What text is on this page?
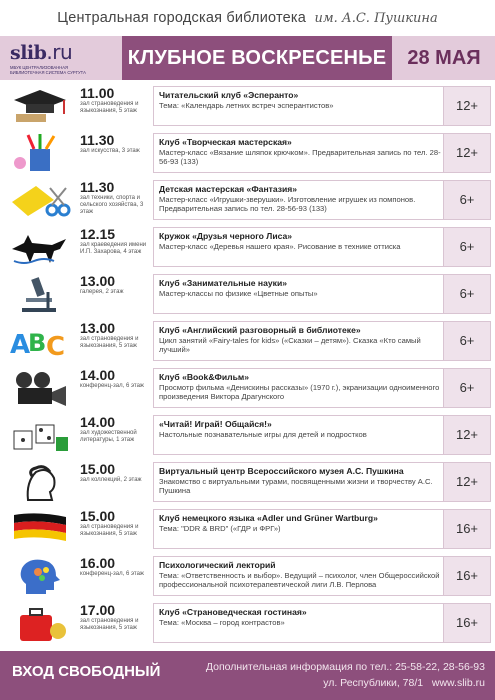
Центральная городская библиотека им. А.С. Пушкина
slib.ru
МБУК ЦЕНТРАЛИЗОВАННАЯ БИБЛИОТЕЧНАЯ СИСТЕМА СУРГУТА
КЛУБНОЕ ВОСКРЕСЕНЬЕ	28 МАЯ
11.00
зал страноведения и языкознания, 5 этаж
Читательский клуб «Эсперанто»
Тема: «Календарь летних встреч эсперантистов»	12+
11.30
зал искусства, 3 этаж
Клуб «Творческая мастерская»
Мастер-класс «Вязание шляпок крючком». Предварительная запись по тел. 28-56-93 (133)
12+
11.30
зал техники, спорта и сельского хозяйства, 3 этаж
Детская мастерская «Фантазия»
Мастер-класс «Игрушки-зверушки». Изготовление игрушек из помпонов. Предварительная запись по тел. 28-56-93 (133)
6+
12.15
зал краеведения имени И.П. Захарова, 4 этаж
Кружок «Друзья черного Лиса»
Мастер-класс «Деревья нашего края». Рисование в технике оттиска	6+
13.00
галерея, 2 этаж
Клуб «Занимательные науки»
Мастер-классы по физике «Цветные опыты»	6+
A
B C
13.00
зал страноведения и языкознания, 5 этаж
Клуб «Английский разговорный в библиотеке»
Цикл занятий «Fairy-tales for kids» («Сказки – детям»). Сказка «Кто самый лучший»
6+
14.00
конференц-зал, 6 этаж
Клуб «Book&Фильм»
Просмотр фильма «Денискины рассказы» (1970 г.), экранизации одноименного произведения Виктора Драгунского
6+
14.00
зал художественной литературы, 1 этаж
«Читай! Играй! Общайся!»
Настольные познавательные игры для детей и подростков	12+
15.00
зал коллекций, 2 этаж
Виртуальный центр Всероссийского музея А.С. Пушкина
Знакомство с виртуальными турами, посвященными жизни и творчеству А.С. Пушкина
12+
15.00
зал страноведения и языкознания, 5 этаж
Клуб немецкого языка «Adler und Grüner Wartburg»
Тема: "DDR & BRD" («ГДР и ФРГ»)	16+
16.00
конференц-зал, 6 этаж
Психологический лекторий
Тема: «Ответственность и выбор». Ведущий – психолог, член Общероссийской профессиональной психотерапевтической лиги Л.В. Перлова
16+
17.00
зал страноведения и языкознания, 5 этаж
Клуб «Страноведческая гостиная»
Тема: «Москва – город контрастов»	16+
ВХОД СВОБОДНЫЙ	Дополнительная информация по тел.: 25-58-22, 28-56-93
ул. Республики, 78/1 www.slib.ru
